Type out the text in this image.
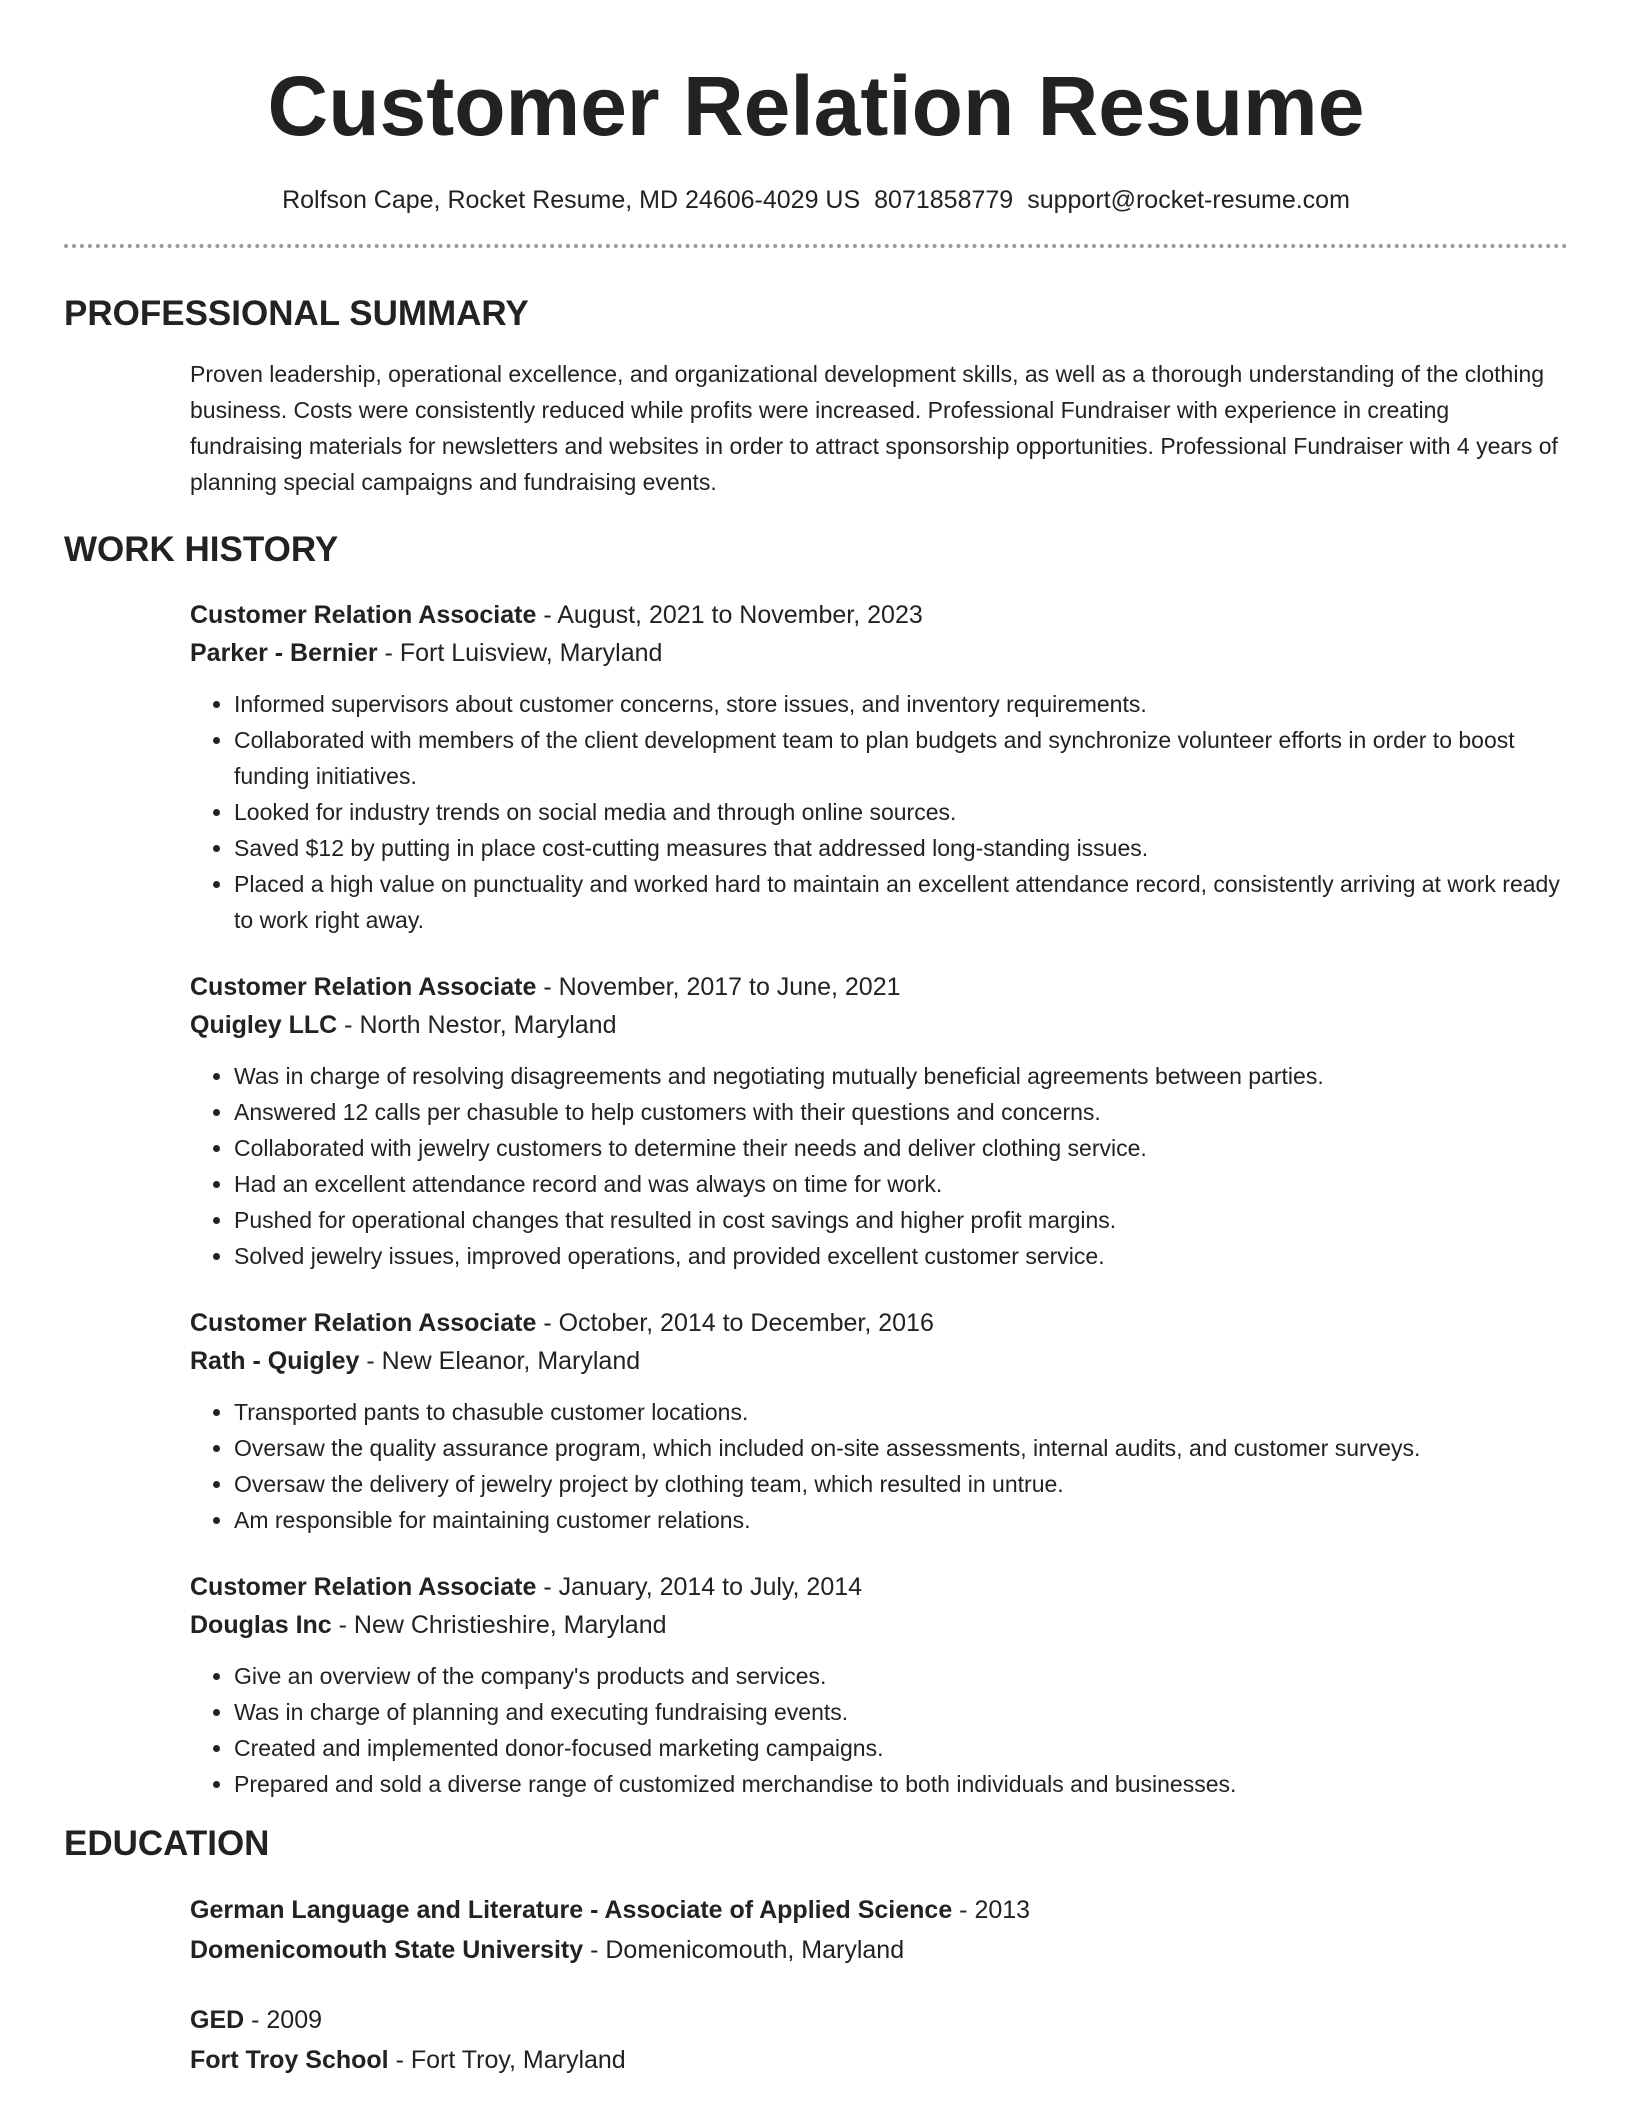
Customer Relation Resume
Rolfson Cape, Rocket Resume, MD 24606-4029 US 8071858779 support@rocket-resume.com
PROFESSIONAL SUMMARY

Proven leadership, operational excellence, and organizational development skills, as well as a thorough understanding of the clothing business. Costs were consistently reduced while profits were increased. Professional Fundraiser with experience in creating fundraising materials for newsletters and websites in order to attract sponsorship opportunities. Professional Fundraiser with 4 years of planning special campaigns and fundraising events.

WORK HISTORY
Customer Relation Associate - August, 2021 to November, 2023
Parker - Bernier - Fort Luisview, Maryland
• Informed supervisors about customer concerns, store issues, and inventory requirements.
• Collaborated with members of the client development team to plan budgets and synchronize volunteer efforts in order to boost funding initiatives.
• Looked for industry trends on social media and through online sources.
• Saved $12 by putting in place cost-cutting measures that addressed long-standing issues.
• Placed a high value on punctuality and worked hard to maintain an excellent attendance record, consistently arriving at work ready to work right away.
Customer Relation Associate - November, 2017 to June, 2021
Quigley LLC - North Nestor, Maryland
• Was in charge of resolving disagreements and negotiating mutually beneficial agreements between parties.
• Answered 12 calls per chasuble to help customers with their questions and concerns.
• Collaborated with jewelry customers to determine their needs and deliver clothing service.
• Had an excellent attendance record and was always on time for work.
• Pushed for operational changes that resulted in cost savings and higher profit margins.
• Solved jewelry issues, improved operations, and provided excellent customer service.
Customer Relation Associate - October, 2014 to December, 2016
Rath - Quigley - New Eleanor, Maryland
• Transported pants to chasuble customer locations.
• Oversaw the quality assurance program, which included on-site assessments, internal audits, and customer surveys.
• Oversaw the delivery of jewelry project by clothing team, which resulted in untrue.
• Am responsible for maintaining customer relations.
Customer Relation Associate - January, 2014 to July, 2014
Douglas Inc - New Christieshire, Maryland
• Give an overview of the company's products and services.
• Was in charge of planning and executing fundraising events.
• Created and implemented donor-focused marketing campaigns.
• Prepared and sold a diverse range of customized merchandise to both individuals and businesses.
EDUCATION
German Language and Literature - Associate of Applied Science - 2013
Domenicomouth State University - Domenicomouth, Maryland
GED - 2009
Fort Troy School - Fort Troy, Maryland
